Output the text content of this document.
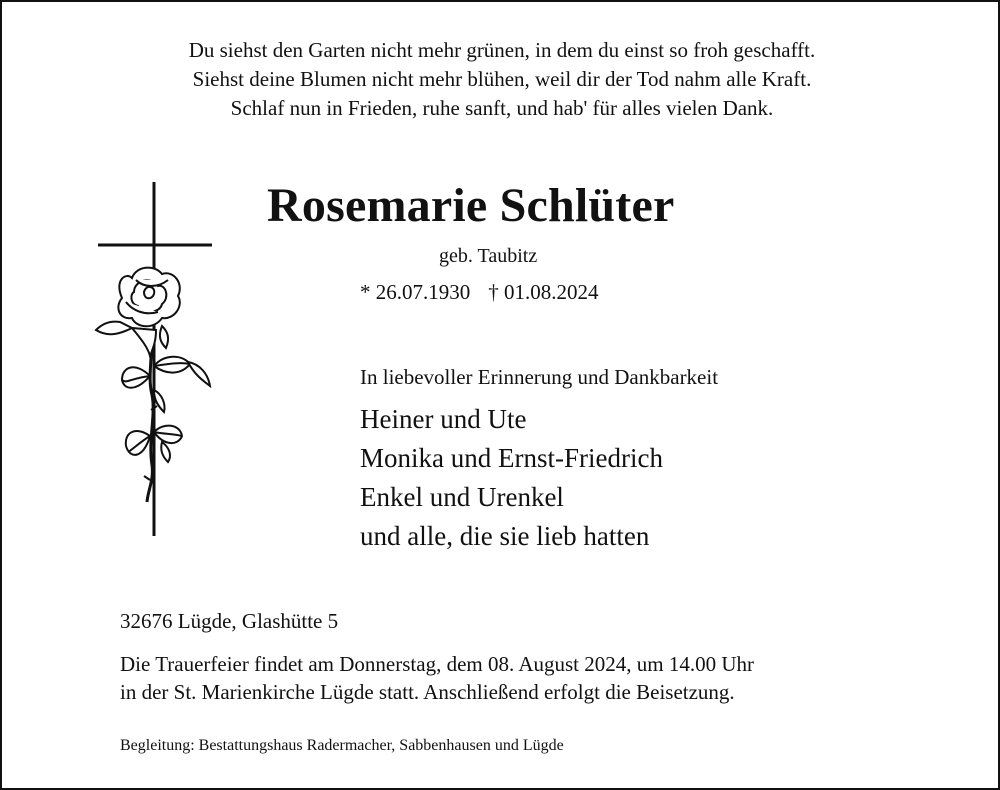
Du siehst den Garten nicht mehr grünen, in dem du einst so froh geschafft.
Siehst deine Blumen nicht mehr blühen, weil dir der Tod nahm alle Kraft.
Schlaf nun in Frieden, ruhe sanft, und hab' für alles vielen Dank.
Rosemarie Schlüter
geb. Taubitz
* 26.07.1930 † 01.08.2024
In liebevoller Erinnerung und Dankbarkeit
Heiner und Ute
Monika und Ernst-Friedrich
Enkel und Urenkel
und alle, die sie lieb hatten
32676 Lügde, Glashütte 5
Die Trauerfeier findet am Donnerstag, dem 08. August 2024, um 14.00 Uhr
in der St. Marienkirche Lügde statt. Anschließend erfolgt die Beisetzung.
Begleitung: Bestattungshaus Radermacher, Sabbenhausen und Lügde
